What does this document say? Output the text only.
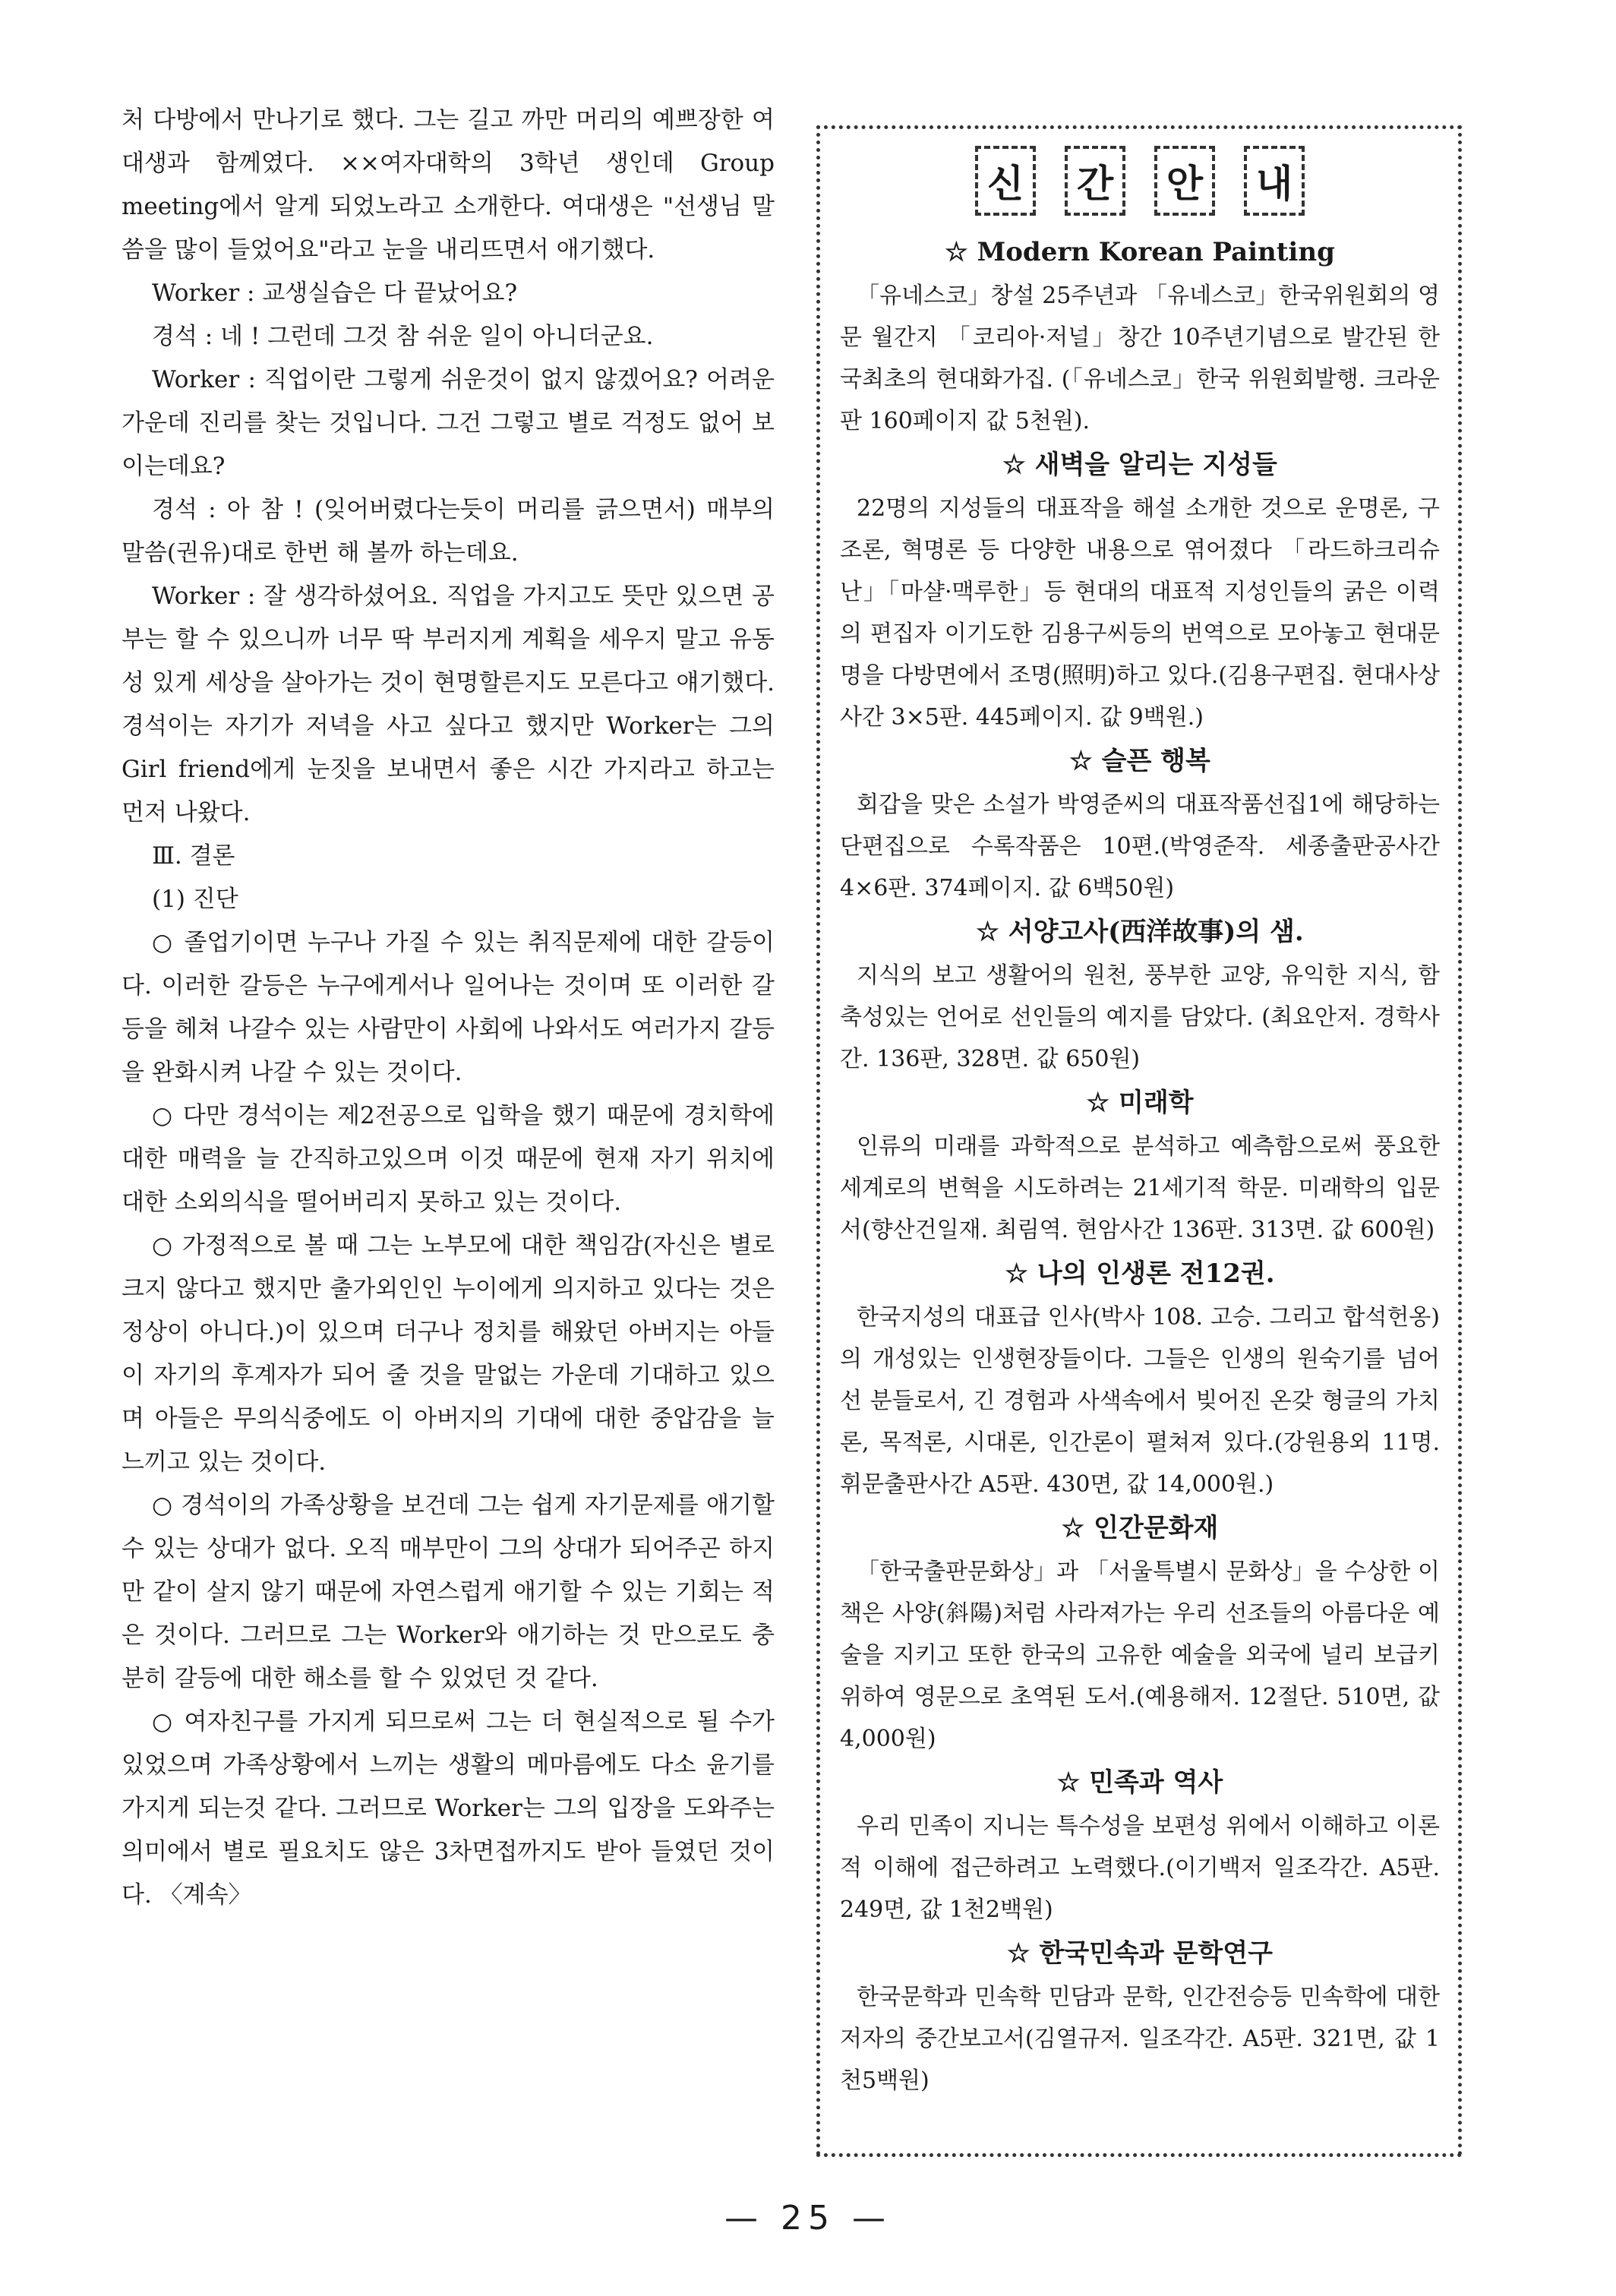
처 다방에서 만나기로 했다. 그는 길고 까만 머리의 예쁘장한 여대생과 함께였다. ××여자대학의 3학년 생인데 Group meeting에서 알게 되었노라고 소개한다. 여대생은 "선생님 말씀을 많이 들었어요"라고 눈을 내리뜨면서 애기했다.

Worker : 교생실습은 다 끝났어요?

경석 : 네 ! 그런데 그것 참 쉬운 일이 아니더군요.

Worker : 직업이란 그렇게 쉬운것이 없지 않겠어요? 어려운 가운데 진리를 찾는 것입니다. 그건 그렇고 별로 걱정도 없어 보이는데요?

경석 : 아 참 ! (잊어버렸다는듯이 머리를 긁으면서) 매부의 말씀(권유)대로 한번 해 볼까 하는데요.

Worker : 잘 생각하셨어요. 직업을 가지고도 뜻만 있으면 공부는 할 수 있으니까 너무 딱 부러지게 계획을 세우지 말고 유동성 있게 세상을 살아가는 것이 현명할른지도 모른다고 얘기했다. 경석이는 자기가 저녁을 사고 싶다고 했지만 Worker는 그의 Girl friend에게 눈짓을 보내면서 좋은 시간 가지라고 하고는 먼저 나왔다.

Ⅲ. 결론

(1) 진단

○ 졸업기이면 누구나 가질 수 있는 취직문제에 대한 갈등이다. 이러한 갈등은 누구에게서나 일어나는 것이며 또 이러한 갈등을 헤쳐 나갈수 있는 사람만이 사회에 나와서도 여러가지 갈등을 완화시켜 나갈 수 있는 것이다.

○ 다만 경석이는 제2전공으로 입학을 했기 때문에 경치학에 대한 매력을 늘 간직하고있으며 이것 때문에 현재 자기 위치에 대한 소외의식을 떨어버리지 못하고 있는 것이다.

○ 가정적으로 볼 때 그는 노부모에 대한 책임감(자신은 별로 크지 않다고 했지만 출가외인인 누이에게 의지하고 있다는 것은 정상이 아니다.)이 있으며 더구나 정치를 해왔던 아버지는 아들이 자기의 후계자가 되어 줄 것을 말없는 가운데 기대하고 있으며 아들은 무의식중에도 이 아버지의 기대에 대한 중압감을 늘 느끼고 있는 것이다.

○ 경석이의 가족상황을 보건데 그는 쉽게 자기문제를 애기할 수 있는 상대가 없다. 오직 매부만이 그의 상대가 되어주곤 하지만 같이 살지 않기 때문에 자연스럽게 애기할 수 있는 기회는 적은 것이다. 그러므로 그는 Worker와 애기하는 것 만으로도 충분히 갈등에 대한 해소를 할 수 있었던 것 같다.

○ 여자친구를 가지게 되므로써 그는 더 현실적으로 될 수가 있었으며 가족상황에서 느끼는 생활의 메마름에도 다소 윤기를 가지게 되는것 같다. 그러므로 Worker는 그의 입장을 도와주는 의미에서 별로 필요치도 않은 3차면접까지도 받아 들였던 것이다. 〈계속〉

신	간	안	내
☆ Modern Korean Painting

「유네스코」창설 25주년과 「유네스코」한국위원회의 영문 월간지 「코리아·저널」창간 10주년기념으로 발간된 한국최초의 현대화가집. (「유네스코」한국 위원회발행. 크라운판 160페이지 값 5천원).

☆ 새벽을 알리는 지성들

22명의 지성들의 대표작을 해설 소개한 것으로 운명론, 구조론, 혁명론 등 다양한 내용으로 엮어졌다 「라드하크리슈난」「마샬·맥루한」등 현대의 대표적 지성인들의 굵은 이력의 편집자 이기도한 김용구씨등의 번역으로 모아놓고 현대문명을 다방면에서 조명(照明)하고 있다.(김용구편집. 현대사상사간 3×5판. 445페이지. 값 9백원.)

☆ 슬픈 행복

회갑을 맞은 소설가 박영준씨의 대표작품선집1에 해당하는 단편집으로 수록작품은 10편.(박영준작. 세종출판공사간 4×6판. 374페이지. 값 6백50원)

☆ 서양고사(西洋故事)의 샘.

지식의 보고 생활어의 원천, 풍부한 교양, 유익한 지식, 함축성있는 언어로 선인들의 예지를 담았다. (최요안저. 경학사간. 136판, 328면. 값 650원)

☆ 미래학

인류의 미래를 과학적으로 분석하고 예측함으로써 풍요한 세계로의 변혁을 시도하려는 21세기적 학문. 미래학의 입문서(향산건일재. 최림역. 현암사간 136판. 313면. 값 600원)

☆ 나의 인생론 전12권.

한국지성의 대표급 인사(박사 108. 고승. 그리고 합석헌옹)의 개성있는 인생현장들이다. 그들은 인생의 원숙기를 넘어선 분들로서, 긴 경험과 사색속에서 빚어진 온갖 형글의 가치론, 목적론, 시대론, 인간론이 펼쳐져 있다.(강원용외 11명. 휘문출판사간 A5판. 430면, 값 14,000원.)

☆ 인간문화재

「한국출판문화상」과 「서울특별시 문화상」을 수상한 이 책은 사양(斜陽)처럼 사라져가는 우리 선조들의 아름다운 예술을 지키고 또한 한국의 고유한 예술을 외국에 널리 보급키 위하여 영문으로 초역된 도서.(예용해저. 12절단. 510면, 값 4,000원)

☆ 민족과 역사

우리 민족이 지니는 특수성을 보편성 위에서 이해하고 이론적 이해에 접근하려고 노력했다.(이기백저 일조각간. A5판. 249면, 값 1천2백원)

☆ 한국민속과 문학연구

한국문학과 민속학 민담과 문학, 인간전승등 민속학에 대한 저자의 중간보고서(김열규저. 일조각간. A5판. 321면, 값 1천5백원)

— 25 —
